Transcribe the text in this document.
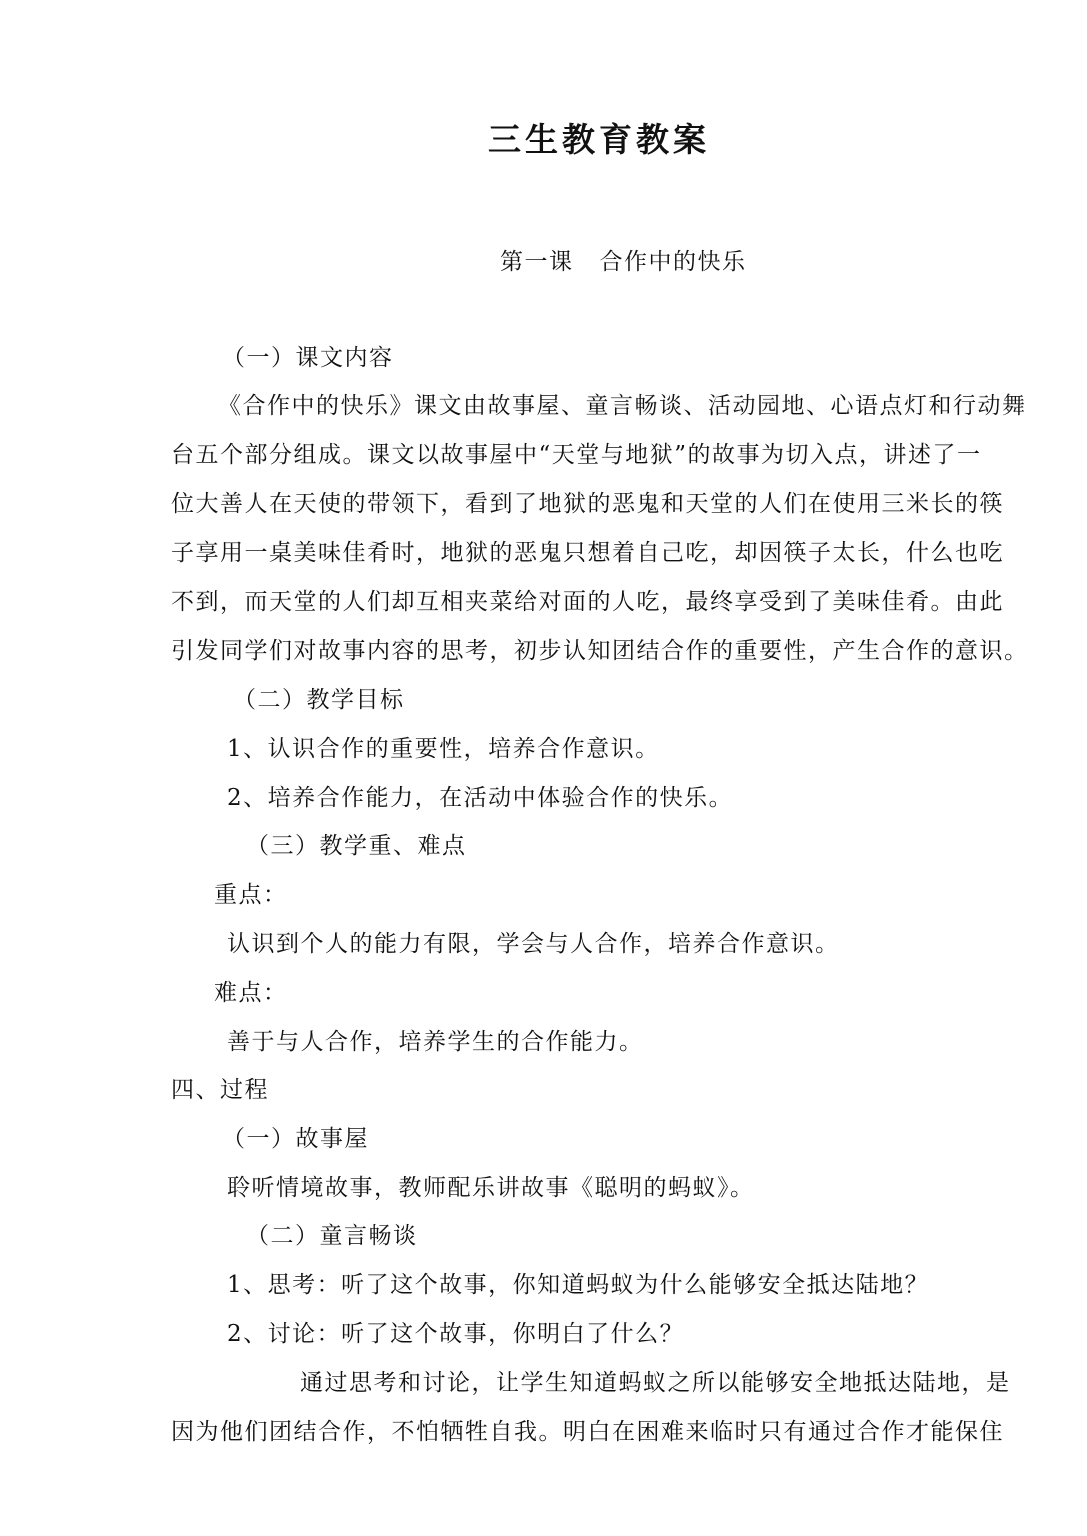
三生教育教案
第一课 合作中的快乐
（一）课文内容
《合作中的快乐》课文由故事屋、童言畅谈、活动园地、心语点灯和行动舞
台五个部分组成。课文以故事屋中“天堂与地狱”的故事为切入点，讲述了一
位大善人在天使的带领下，看到了地狱的恶鬼和天堂的人们在使用三米长的筷
子享用一桌美味佳肴时，地狱的恶鬼只想着自己吃，却因筷子太长，什么也吃
不到，而天堂的人们却互相夹菜给对面的人吃，最终享受到了美味佳肴。由此
引发同学们对故事内容的思考，初步认知团结合作的重要性，产生合作的意识。
（二）教学目标
1、认识合作的重要性，培养合作意识。
2、培养合作能力，在活动中体验合作的快乐。
（三）教学重、难点
重点：
认识到个人的能力有限，学会与人合作，培养合作意识。
难点：
善于与人合作，培养学生的合作能力。
四、过程
（一）故事屋
聆听情境故事，教师配乐讲故事《聪明的蚂蚁》。
（二）童言畅谈
1、思考：听了这个故事，你知道蚂蚁为什么能够安全抵达陆地？
2、讨论：听了这个故事，你明白了什么？
通过思考和讨论，让学生知道蚂蚁之所以能够安全地抵达陆地，是
因为他们团结合作，不怕牺牲自我。明白在困难来临时只有通过合作才能保住
